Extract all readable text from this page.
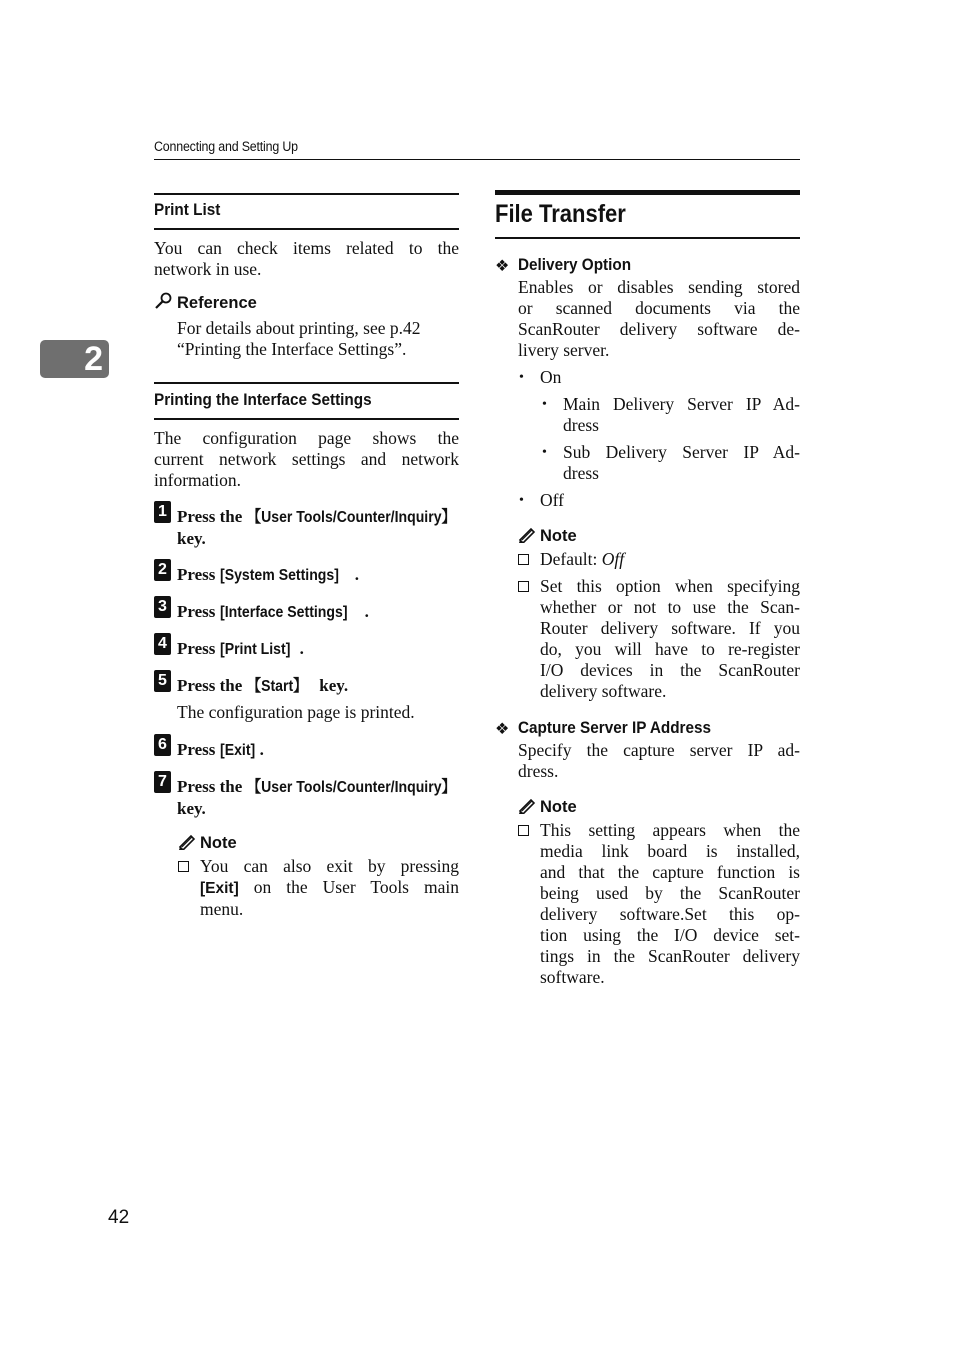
Connecting and Setting Up
2
Print List

You can check items related to the

network in use.

Reference

For details about printing, see p.42

“Printing the Interface Settings”.

Printing the Interface Settings

The configuration page shows the

current network settings and network

information.

1 Press the 【User Tools/Counter/Inquiry】
key.
2 Press [System Settings] .
3 Press [Interface Settings] .
4 Press [Print List] .
5 Press the 【Start】 key.
The configuration page is printed.
6 Press [Exit] .
7 Press the 【User Tools/Counter/Inquiry】
key.
Note

You can also exit by pressing

[Exit] on the User Tools main

menu.

File Transfer
❖ Delivery Option

Enables or disables sending stored

or scanned documents via the

ScanRouter delivery software de-

livery server.

• On
• Main Delivery Server IP Ad-

dress

• Sub Delivery Server IP Ad-

dress

• Off
Note
Default: Off

Set this option when specifying

whether or not to use the Scan-

Router delivery software. If you

do, you will have to re-register

I/O devices in the ScanRouter

delivery software.

❖ Capture Server IP Address

Specify the capture server IP ad-

dress.

Note

This setting appears when the

media link board is installed,

and that the capture function is

being used by the ScanRouter

delivery software.Set this op-

tion using the I/O device set-

tings in the ScanRouter delivery

software.

42
